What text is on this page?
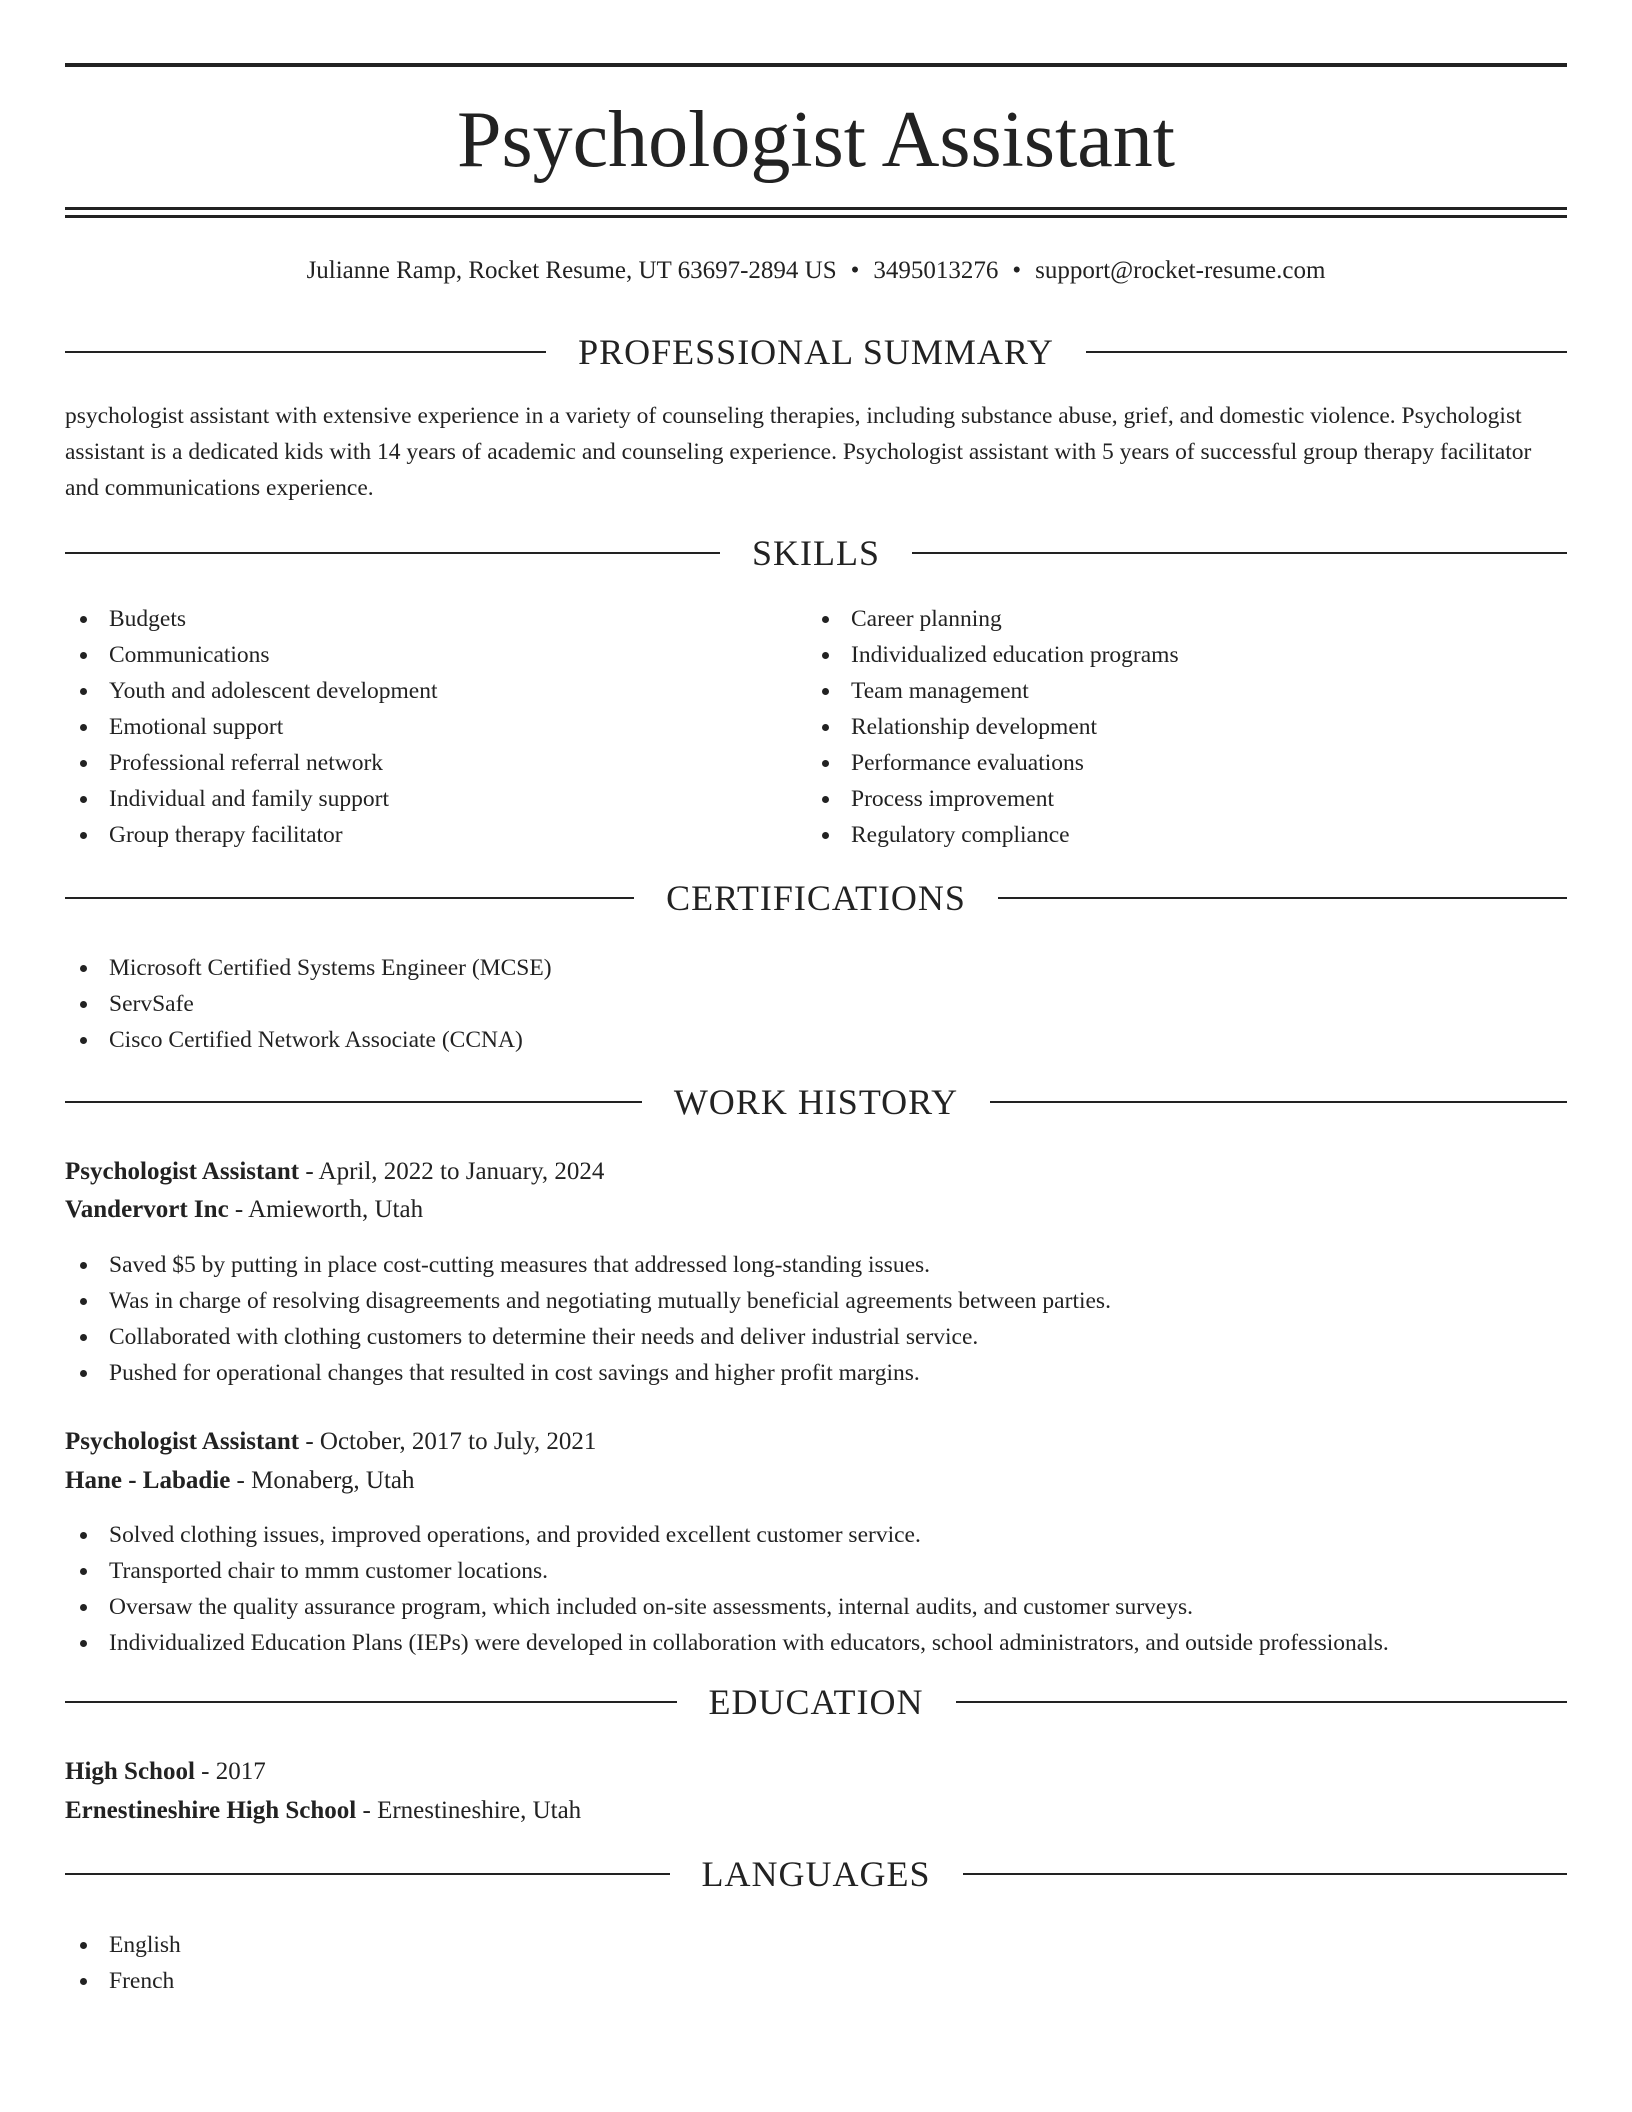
Psychologist Assistant
Julianne Ramp, Rocket Resume, UT 63697-2894 US • 3495013276 • support@rocket-resume.com
PROFESSIONAL SUMMARY
psychologist assistant with extensive experience in a variety of counseling therapies, including substance abuse, grief, and domestic violence. Psychologist assistant is a dedicated kids with 14 years of academic and counseling experience. Psychologist assistant with 5 years of successful group therapy facilitator and communications experience.
SKILLS
Budgets
Communications
Youth and adolescent development
Emotional support
Professional referral network
Individual and family support
Group therapy facilitator
Career planning
Individualized education programs
Team management
Relationship development
Performance evaluations
Process improvement
Regulatory compliance
CERTIFICATIONS
Microsoft Certified Systems Engineer (MCSE)
ServSafe
Cisco Certified Network Associate (CCNA)
WORK HISTORY
Psychologist Assistant - April, 2022 to January, 2024
Vandervort Inc - Amieworth, Utah
Saved $5 by putting in place cost-cutting measures that addressed long-standing issues.
Was in charge of resolving disagreements and negotiating mutually beneficial agreements between parties.
Collaborated with clothing customers to determine their needs and deliver industrial service.
Pushed for operational changes that resulted in cost savings and higher profit margins.
Psychologist Assistant - October, 2017 to July, 2021
Hane - Labadie - Monaberg, Utah
Solved clothing issues, improved operations, and provided excellent customer service.
Transported chair to mmm customer locations.
Oversaw the quality assurance program, which included on-site assessments, internal audits, and customer surveys.
Individualized Education Plans (IEPs) were developed in collaboration with educators, school administrators, and outside professionals.
EDUCATION
High School - 2017
Ernestineshire High School - Ernestineshire, Utah
LANGUAGES
English
French
